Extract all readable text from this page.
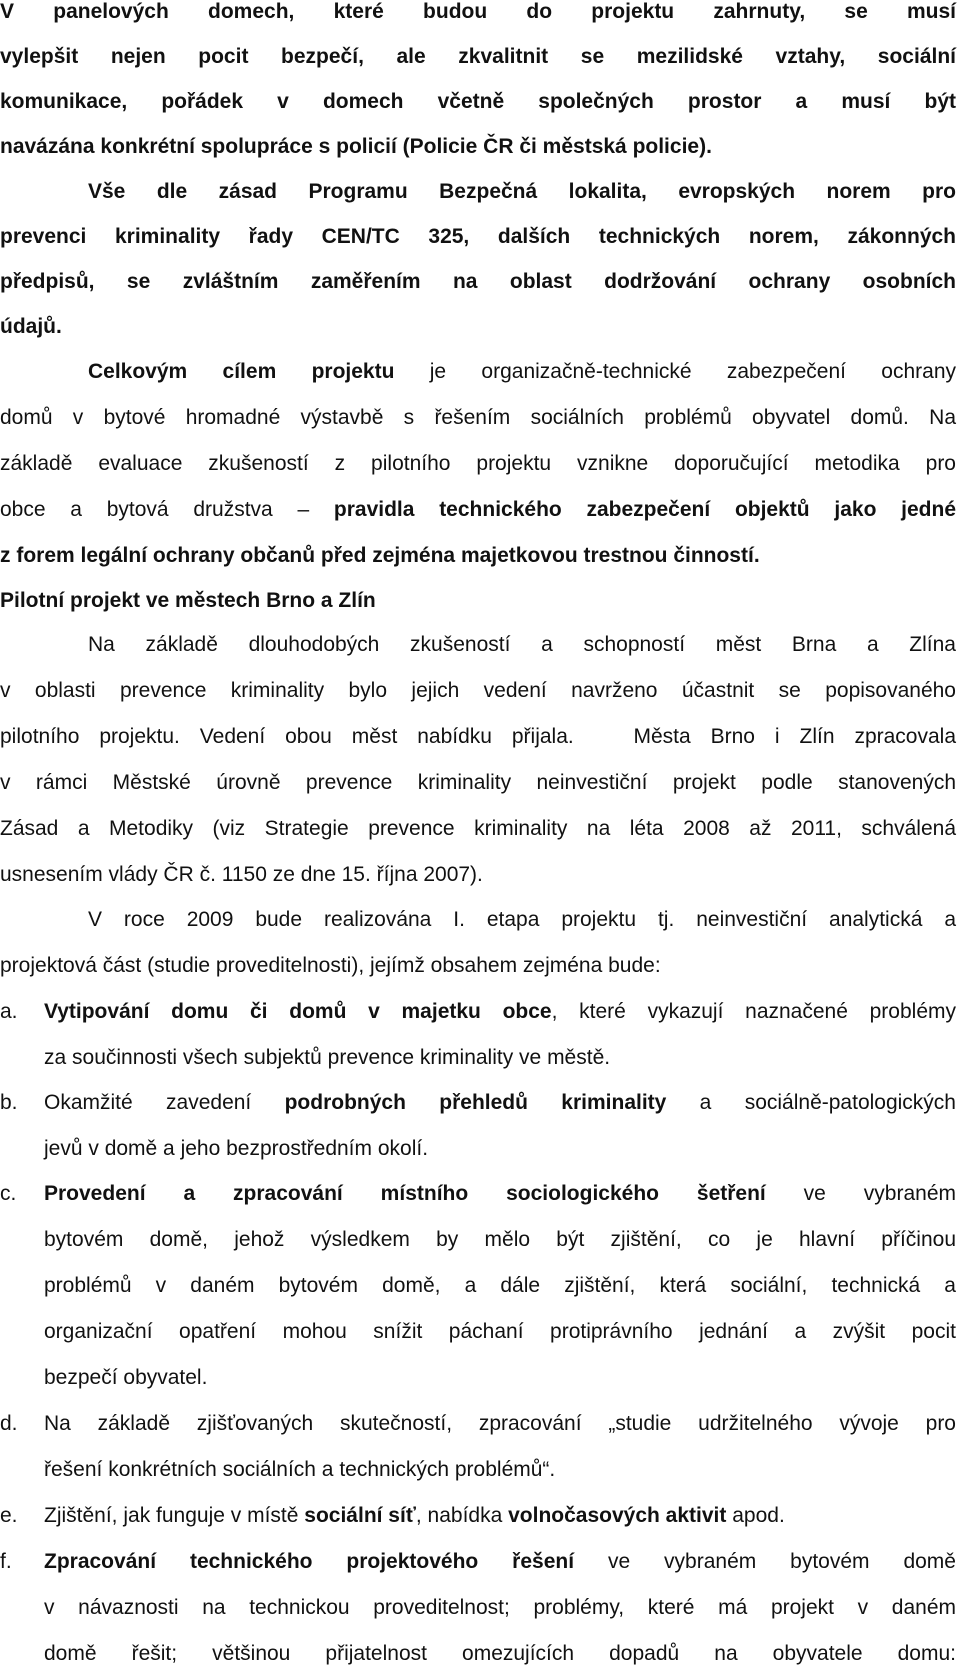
V panelových domech, které budou do projektu zahrnuty, se musí

vylepšit nejen pocit bezpečí, ale zkvalitnit se mezilidské vztahy, sociální

komunikace, pořádek v domech včetně společných prostor a musí být

navázána konkrétní spolupráce s policií (Policie ČR či městská policie).

Vše dle zásad Programu Bezpečná lokalita, evropských norem pro

prevenci kriminality řady CEN/TC 325, dalších technických norem, zákonných

předpisů, se zvláštním zaměřením na oblast dodržování ochrany osobních

údajů.

Celkovým cílem projektu je organizačně-technické zabezpečení ochrany

domů v bytové hromadné výstavbě s řešením sociálních problémů obyvatel domů. Na

základě evaluace zkušeností z pilotního projektu vznikne doporučující metodika pro

obce a bytová družstva – pravidla technického zabezpečení objektů jako jedné

z forem legální ochrany občanů před zejména majetkovou trestnou činností.

Pilotní projekt ve městech Brno a Zlín

Na základě dlouhodobých zkušeností a schopností měst Brna a Zlína

v oblasti prevence kriminality bylo jejich vedení navrženo účastnit se popisovaného

pilotního projektu. Vedení obou měst nabídku přijala.   Města Brno i Zlín zpracovala

v rámci Městské úrovně prevence kriminality neinvestiční projekt podle stanovených

Zásad a Metodiky (viz Strategie prevence kriminality na léta 2008 až 2011, schválená

usnesením vlády ČR č. 1150 ze dne 15. října 2007).

V roce 2009 bude realizována I. etapa projektu tj. neinvestiční analytická a

projektová část (studie proveditelnosti), jejímž obsahem zejména bude:

a.	Vytipování domu či domů v majetku obce, které vykazují naznačené problémy

za součinnosti všech subjektů prevence kriminality ve městě.

b.	Okamžité zavedení podrobných přehledů kriminality a sociálně-patologických

jevů v domě a jeho bezprostředním okolí.

c.	Provedení a zpracování místního sociologického šetření ve vybraném

bytovém domě, jehož výsledkem by mělo být zjištění, co je hlavní příčinou

problémů v daném bytovém domě, a dále zjištění, která sociální, technická a

organizační opatření mohou snížit páchaní protiprávního jednání a zvýšit pocit

bezpečí obyvatel.

d.	Na základě zjišťovaných skutečností, zpracování „studie udržitelného vývoje pro

řešení konkrétních sociálních a technických problémů“.

e.	Zjištění, jak funguje v místě sociální síť, nabídka volnočasových aktivit apod.

f.	Zpracování technického projektového řešení ve vybraném bytovém domě

v návaznosti na technickou proveditelnost; problémy, které má projekt v daném

domě řešit; většinou přijatelnost omezujících dopadů na obyvatele domu:
